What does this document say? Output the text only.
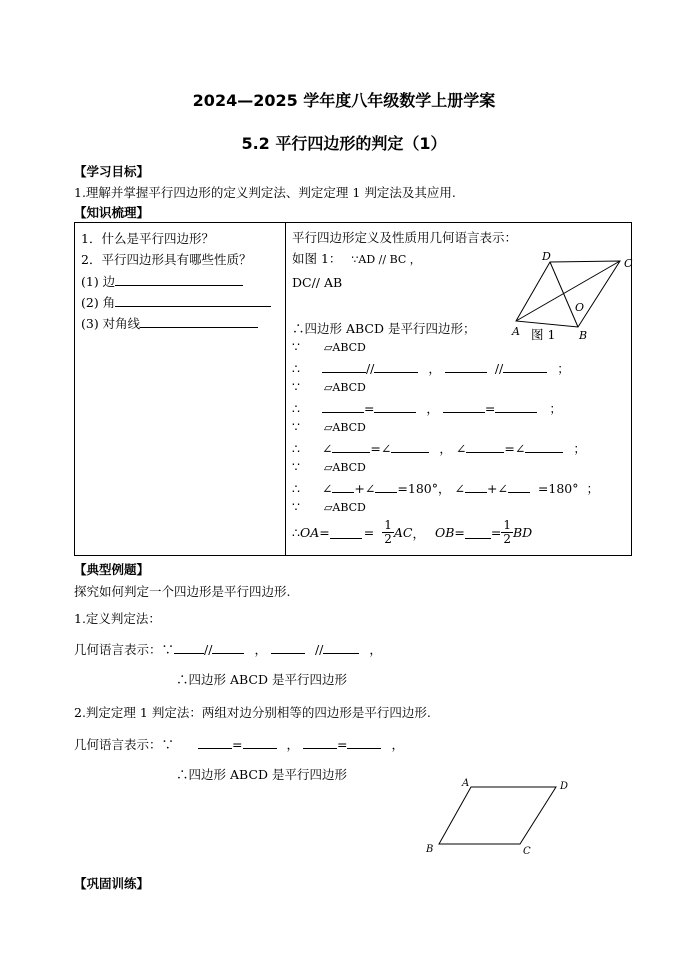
2024—2025 学年度八年级数学上册学案
5.2 平行四边形的判定（1）
【学习目标】
1.理解并掌握平行四边形的定义判定法、判定定理 1 判定法及其应用.
【知识梳理】
1．什么是平行四边形？
2．平行四边形具有哪些性质？
(1) 边
(2) 角
(3) 对角线

平行四边形定义及性质用几何语言表示：
如图 1： ∵AD // BC ，
DC// AB
A	B
C
D
O
图 1
∴四边形 ABCD 是平行四边形；
∵ ▱ABCD
∴	//	，	//	；
∵ ▱ABCD
∴	=	，	=	；
∵ ▱ABCD
∴ ∠	=∠	， ∠	=∠	；
∵ ▱ABCD
∴ ∠ +∠ =180°， ∠ +∠ =180° ；
∵ ▱ABCD
∴ OA =	= $\frac{1}{2}$ AC ， OB = = $\frac{1}{2}$ BD
【典型例题】
探究如何判定一个四边形是平行四边形.
1.定义判定法：
几何语言表示：∵ //	，	//	，
∴四边形 ABCD 是平行四边形
2.判定定理 1 判定法：两组对边分别相等的四边形是平行四边形.
几何语言表示：∵	=	，	=	，
∴四边形 ABCD 是平行四边形
A	D
B	C
【巩固训练】
